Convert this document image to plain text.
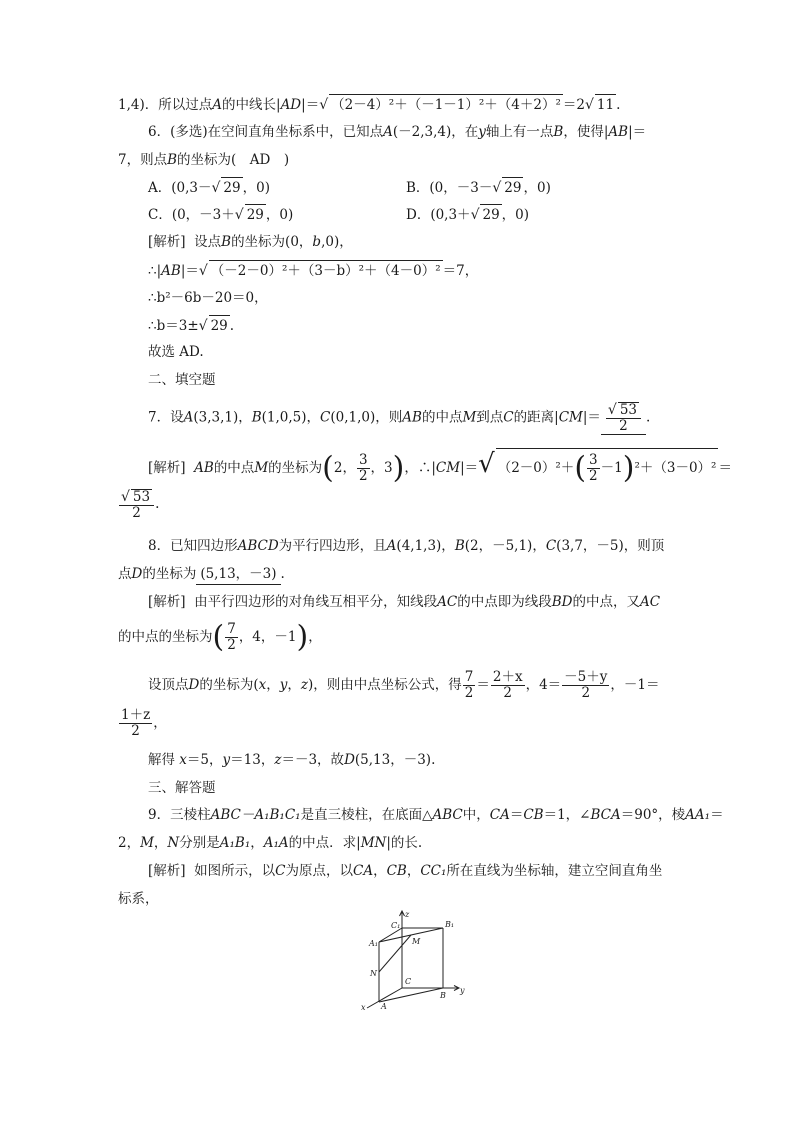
1,4)．所以过点A的中线长|AD|＝√ （2－4）²＋（－1－1）²＋（4＋2）² ＝2√ 11 .
6．(多选)在空间直角坐标系中，已知点A(－2,3,4)，在y轴上有一点B，使得|AB|＝
7，则点B的坐标为(　AD　)
A．(0,3－√ 29 ，0)	B．(0，－3－√ 29 ，0)
C．(0，－3＋√ 29 ，0)	D．(0,3＋√ 29 ，0)
[解析] 设点B的坐标为(0，b,0)，
∴|AB|＝√ （－2－0）²＋（3－b）²＋（4－0）² ＝7，
∴b²－6b－20＝0，
∴b＝3±√ 29 .
故选 AD.
二、填空题
7．设A(3,3,1)，B(1,0,5)，C(0,1,0)，则AB的中点M到点C的距离$|CM|= \frac{√ 53}{2}$ .
[解析] AB的中点M的坐标为(2， $\frac{3}{2}$ ，3)，∴|CM|＝√ $(2-0)^2+( \frac{3}{2} -1)^2+(3-0)^2$ ＝
$\frac{√ 53}{2}$ .
8．已知四边形ABCD为平行四边形，且A(4,1,3)，B(2，－5,1)，C(3,7，－5)，则顶
点D的坐标为 (5,13，－3) .
[解析] 由平行四边形的对角线互相平分，知线段AC的中点即为线段BD的中点，又AC
的中点的坐标为( $\frac{7}{2}$ ，4，－1)，
设顶点D的坐标为(x，y，z)，则由中点坐标公式，得 $\frac{7}{2} = \frac{2+x}{2}$ ，$4= \frac{-5+y}{2}$ ，－1＝
$\frac{1+z}{2}$ ，
解得 x＝5，y＝13，z＝－3，故D(5,13，－3).
三、解答题
9．三棱柱ABC－A₁B₁C₁是直三棱柱，在底面△ABC中，CA＝CB＝1，∠BCA＝90°，棱AA₁＝
2，M，N分别是A₁B₁，A₁A的中点．求|MN|的长.
[解析] 如图所示，以C为原点，以CA，CB，CC₁所在直线为坐标轴，建立空间直角坐
标系，
z
y
x
C₁	B₁
A₁	M
N
C
B
A
